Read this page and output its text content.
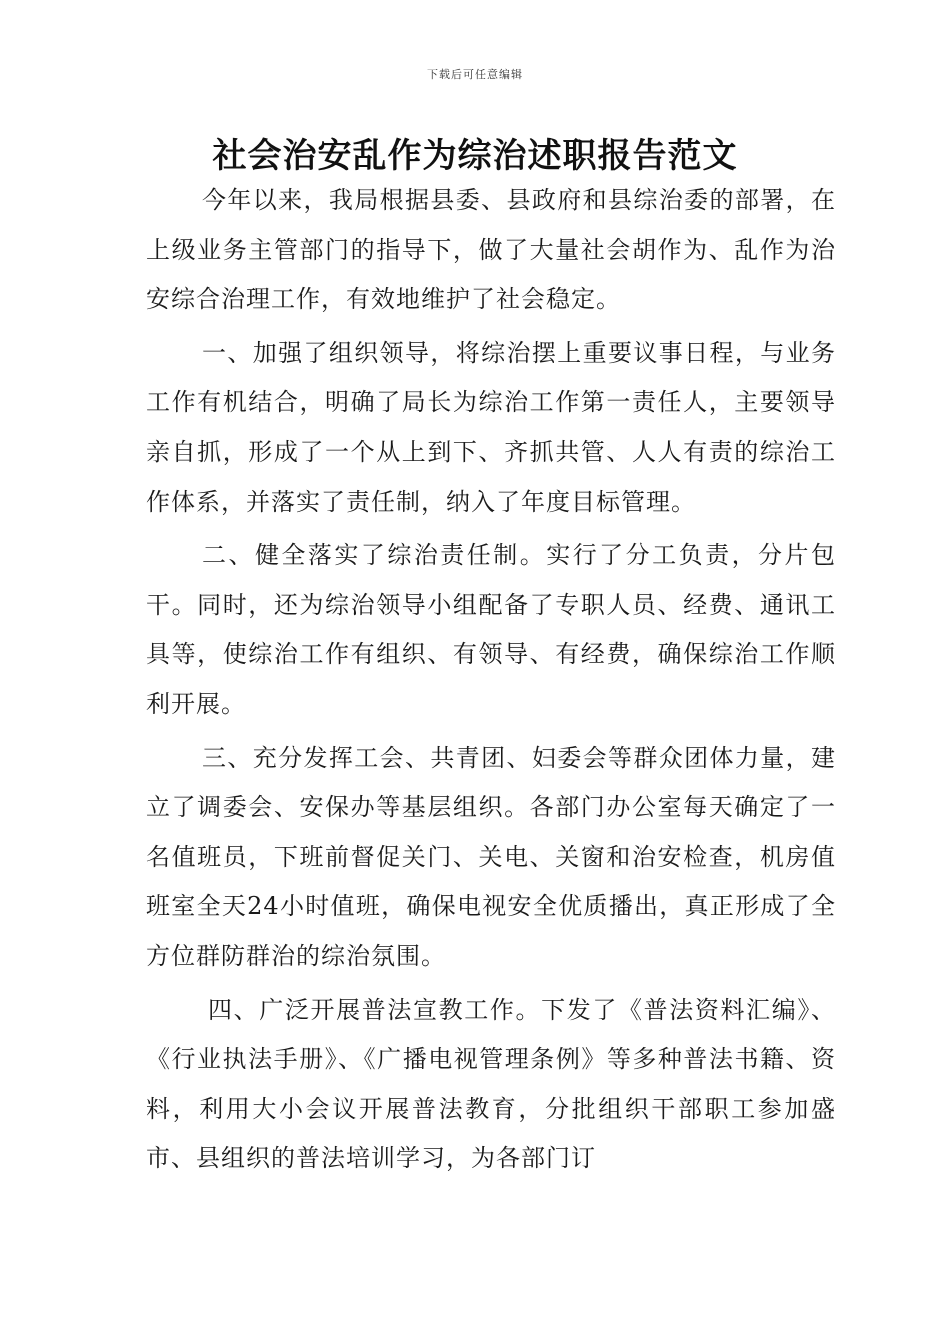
下载后可任意编辑
社会治安乱作为综治述职报告范文

今年以来，我局根据县委、县政府和县综治委的部署，在上级业务主管部门的指导下，做了大量社会胡作为、乱作为治安综合治理工作，有效地维护了社会稳定。

一、加强了组织领导，将综治摆上重要议事日程，与业务工作有机结合，明确了局长为综治工作第一责任人，主要领导亲自抓，形成了一个从上到下、齐抓共管、人人有责的综治工作体系，并落实了责任制，纳入了年度目标管理。

二、健全落实了综治责任制。实行了分工负责，分片包干。同时，还为综治领导小组配备了专职人员、经费、通讯工具等，使综治工作有组织、有领导、有经费，确保综治工作顺利开展。

三、充分发挥工会、共青团、妇委会等群众团体力量，建立了调委会、安保办等基层组织。各部门办公室每天确定了一名值班员，下班前督促关门、关电、关窗和治安检查，机房值班室全天24小时值班，确保电视安全优质播出，真正形成了全方位群防群治的综治氛围。

四、广泛开展普法宣教工作。下发了《普法资料汇编》、《行业执法手册》、《广播电视管理条例》等多种普法书籍、资料，利用大小会议开展普法教育，分批组织干部职工参加盛市、县组织的普法培训学习，为各部门订
